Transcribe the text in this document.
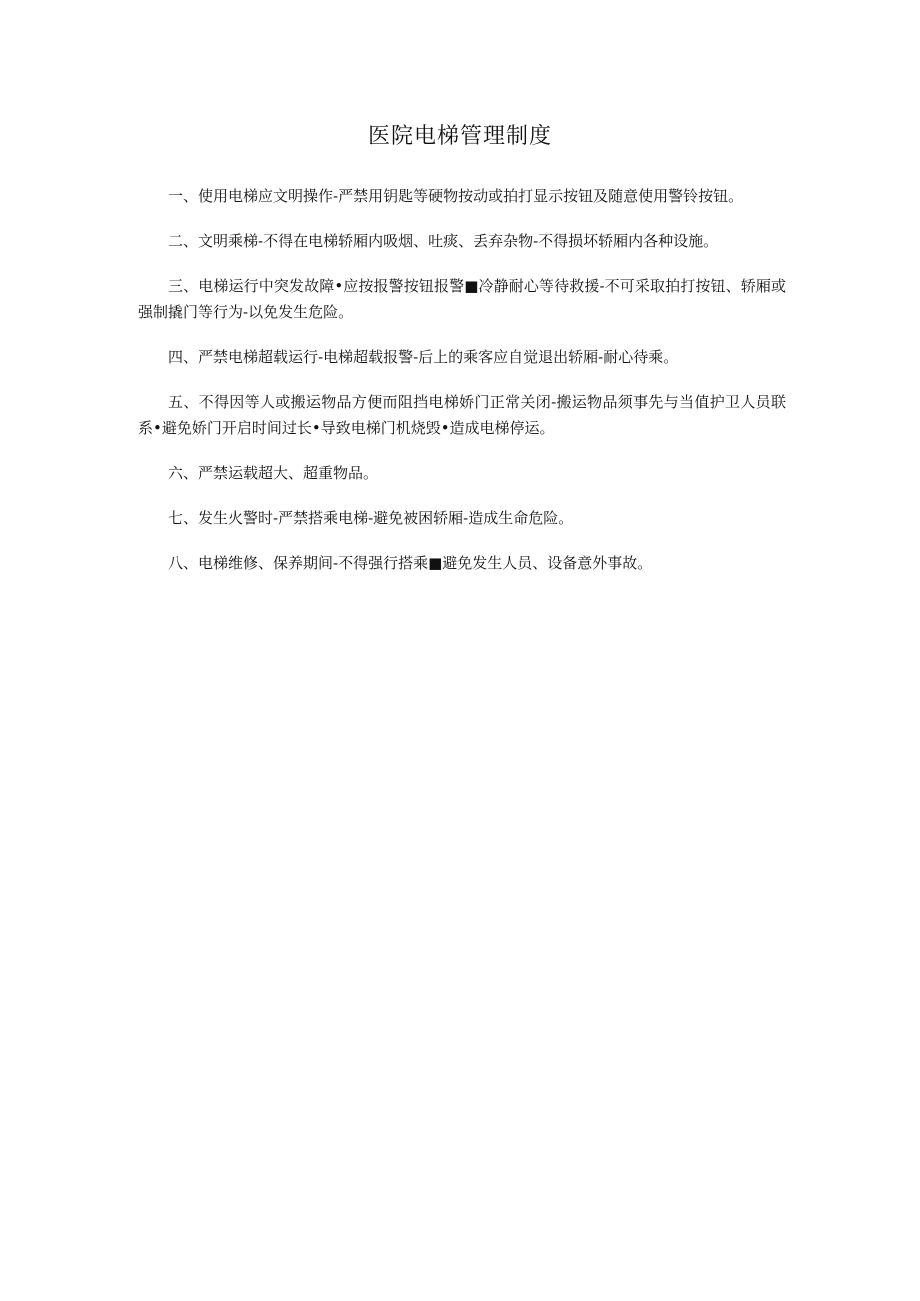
医院电梯管理制度
一、使用电梯应文明操作-严禁用钥匙等硬物按动或拍打显示按钮及随意使用警铃按钮。
二、文明乘梯-不得在电梯轿厢内吸烟、吐痰、丢弃杂物-不得损坏轿厢内各种设施。
三、电梯运行中突发故障•应按报警按钮报警■冷静耐心等待救援-不可采取拍打按钮、轿厢或强制撬门等行为-以免发生危险。
四、严禁电梯超载运行-电梯超载报警-后上的乘客应自觉退出轿厢-耐心待乘。
五、不得因等人或搬运物品方便而阻挡电梯娇门正常关闭-搬运物品须事先与当值护卫人员联系•避免娇门开启时间过长•导致电梯门机烧毁•造成电梯停运。
六、严禁运载超大、超重物品。
七、发生火警时-严禁搭乘电梯-避免被困轿厢-造成生命危险。
八、电梯维修、保养期间-不得强行搭乘■避免发生人员、设备意外事故。
